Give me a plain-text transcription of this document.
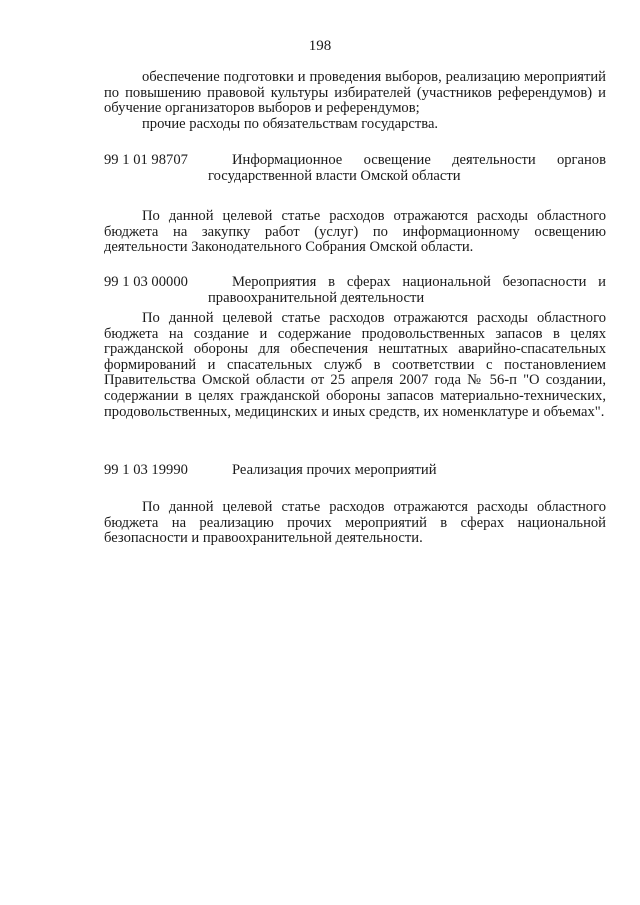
198

обеспечение подготовки и проведения выборов, реализацию мероприятий по повышению правовой культуры избирателей (участников референдумов) и обучение организаторов выборов и референдумов;

прочие расходы по обязательствам государства.

99 1 01 98707	Информационное освещение деятельности органов государственной власти Омской области

По данной целевой статье расходов отражаются расходы областного бюджета на закупку работ (услуг) по информационному освещению деятельности Законодательного Собрания Омской области.

99 1 03 00000	Мероприятия в сферах национальной безопасности и правоохранительной деятельности

По данной целевой статье расходов отражаются расходы областного бюджета на создание и содержание продовольственных запасов в целях гражданской обороны для обеспечения нештатных аварийно-спасательных формирований и спасательных служб в соответствии с постановлением Правительства Омской области от 25 апреля 2007 года № 56-п "О создании, содержании в целях гражданской обороны запасов материально-технических, продовольственных, медицинских и иных средств, их номенклатуре и объемах".

99 1 03 19990	Реализация прочих мероприятий

По данной целевой статье расходов отражаются расходы областного бюджета на реализацию прочих мероприятий в сферах национальной безопасности и правоохранительной деятельности.
